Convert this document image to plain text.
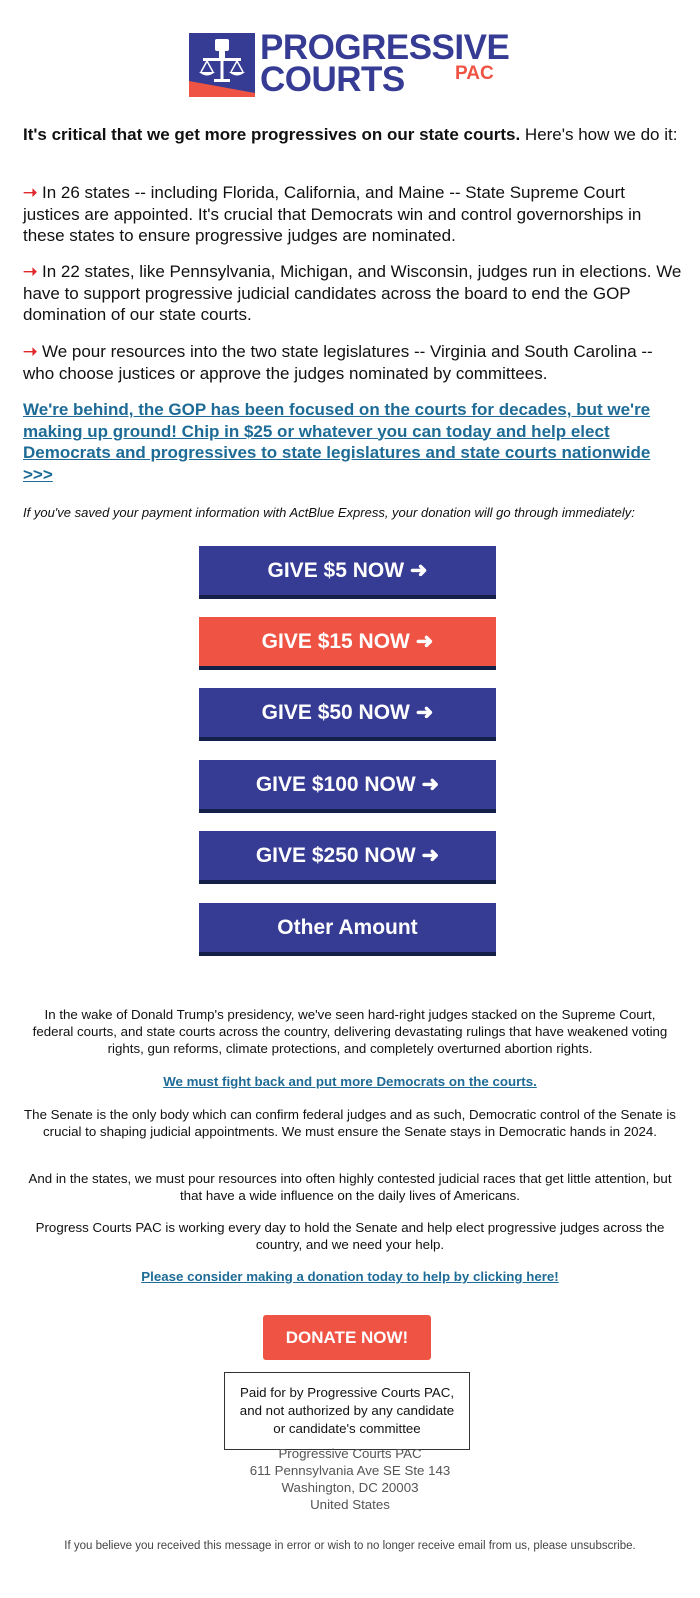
PROGRESSIVE
COURTS	PAC

It's critical that we get more progressives on our state courts. Here's how we do it:

➝ In 26 states -- including Florida, California, and Maine -- State Supreme Court justices are appointed. It's crucial that Democrats win and control governorships in these states to ensure progressive judges are nominated.

➝ In 22 states, like Pennsylvania, Michigan, and Wisconsin, judges run in elections. We have to support progressive judicial candidates across the board to end the GOP domination of our state courts.

➝ We pour resources into the two state legislatures -- Virginia and South Carolina -- who choose justices or approve the judges nominated by committees.

We're behind, the GOP has been focused on the courts for decades, but we're making up ground! Chip in $25 or whatever you can today and help elect Democrats and progressives to state legislatures and state courts nationwide >>>

If you've saved your payment information with ActBlue Express, your donation will go through immediately:

GIVE $5 NOW ➜
GIVE $15 NOW ➜
GIVE $50 NOW ➜
GIVE $100 NOW ➜
GIVE $250 NOW ➜
Other Amount

In the wake of Donald Trump's presidency, we've seen hard-right judges stacked on the Supreme Court, federal courts, and state courts across the country, delivering devastating rulings that have weakened voting rights, gun reforms, climate protections, and completely overturned abortion rights.

We must fight back and put more Democrats on the courts.

The Senate is the only body which can confirm federal judges and as such, Democratic control of the Senate is crucial to shaping judicial appointments. We must ensure the Senate stays in Democratic hands in 2024.

And in the states, we must pour resources into often highly contested judicial races that get little attention, but that have a wide influence on the daily lives of Americans.

Progress Courts PAC is working every day to hold the Senate and help elect progressive judges across the country, and we need your help.

Please consider making a donation today to help by clicking here!

DONATE NOW!
Paid for by Progressive Courts PAC, and not authorized by any candidate or candidate's committee

Progressive Courts PAC

611 Pennsylvania Ave SE Ste 143

Washington, DC 20003

United States

If you believe you received this message in error or wish to no longer receive email from us, please unsubscribe.
